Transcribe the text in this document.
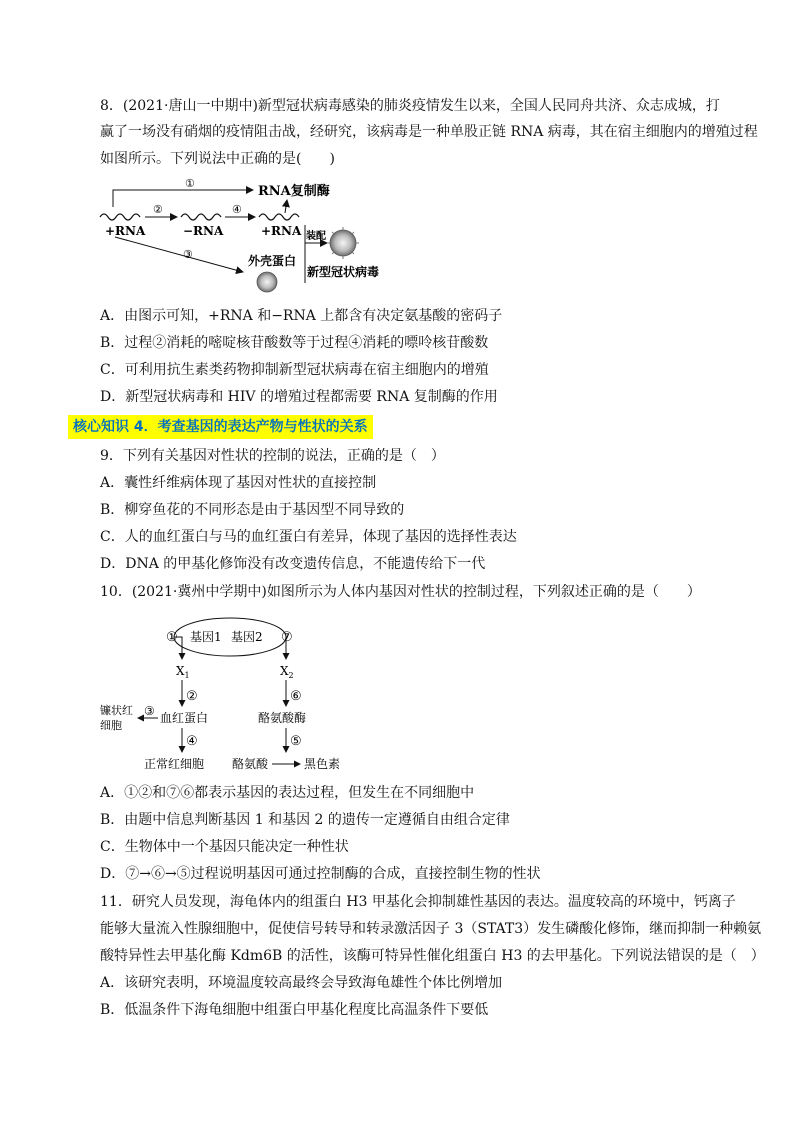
8．(2021·唐山一中期中)新型冠状病毒感染的肺炎疫情发生以来，全国人民同舟共济、众志成城，打
赢了一场没有硝烟的疫情阻击战，经研究，该病毒是一种单股正链 RNA 病毒，其在宿主细胞内的增殖过程
如图所示。下列说法中正确的是(　　)
①
RNA复制酶
②	④
+RNA	−RNA	+RNA
③
装配
外壳蛋白
新型冠状病毒
A．由图示可知，+RNA 和−RNA 上都含有决定氨基酸的密码子
B．过程②消耗的嘧啶核苷酸数等于过程④消耗的嘌呤核苷酸数
C．可利用抗生素类药物抑制新型冠状病毒在宿主细胞内的增殖
D．新型冠状病毒和 HIV 的增殖过程都需要 RNA 复制酶的作用
核心知识 4．考查基因的表达产物与性状的关系
9．下列有关基因对性状的控制的说法，正确的是（　）
A．囊性纤维病体现了基因对性状的直接控制
B．柳穿鱼花的不同形态是由于基因型不同导致的
C．人的血红蛋白与马的血红蛋白有差异，体现了基因的选择性表达
D．DNA 的甲基化修饰没有改变遗传信息，不能遗传给下一代
10．(2021·冀州中学期中)如图所示为人体内基因对性状的控制过程，下列叙述正确的是（　　）
基因1 基因2
①	⑦
$X_1$
②
血红蛋白
③
镰状红
细胞
④
正常红细胞
$X_2$
⑥
酪氨酸酶
⑤
酪氨酸	黑色素
A．①②和⑦⑥都表示基因的表达过程，但发生在不同细胞中
B．由题中信息判断基因 1 和基因 2 的遗传一定遵循自由组合定律
C．生物体中一个基因只能决定一种性状
D．⑦→⑥→⑤过程说明基因可通过控制酶的合成，直接控制生物的性状
11．研究人员发现，海龟体内的组蛋白 H3 甲基化会抑制雄性基因的表达。温度较高的环境中，钙离子
能够大量流入性腺细胞中，促使信号转导和转录激活因子 3（STAT3）发生磷酸化修饰，继而抑制一种赖氨
酸特异性去甲基化酶 Kdm6B 的活性，该酶可特异性催化组蛋白 H3 的去甲基化。下列说法错误的是（　）
A．该研究表明，环境温度较高最终会导致海龟雄性个体比例增加
B．低温条件下海龟细胞中组蛋白甲基化程度比高温条件下要低
